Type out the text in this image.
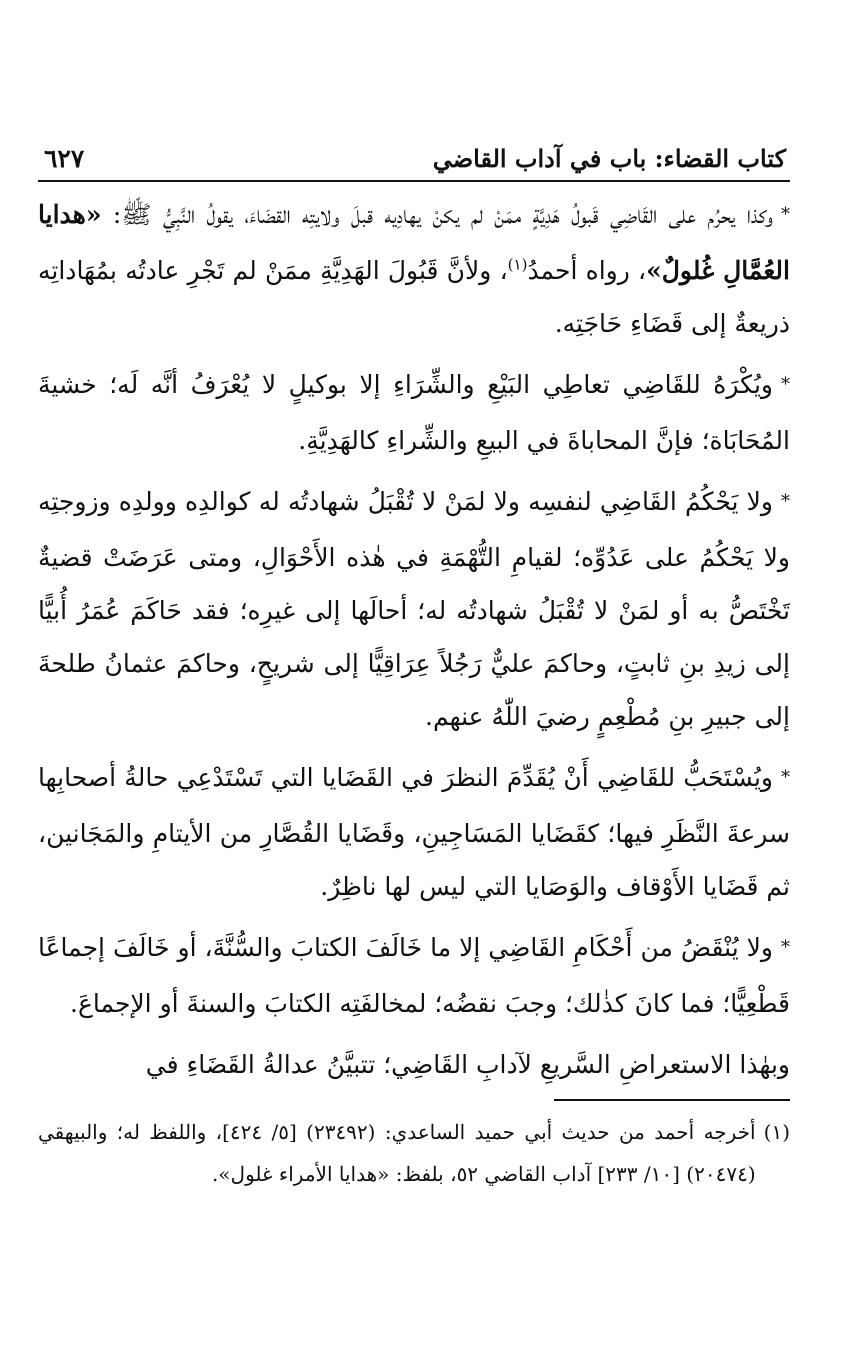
كتاب القضاء: باب في آداب القاضي
٦٢٧

*وكذا يحرُم على القَاضِي قَبولُ هَدِيَّةٍ ممَنْ لم يكنْ يهادِيه قبلَ ولايتِه القضَاءَ، يقولُ النَّبِيُّ ﷺ: «هدايا العُمَّالِ غُلولٌ»، رواه أحمدُ$^{(١)}$، ولأنَّ قَبُولَ الهَدِيَّةِ ممَنْ لم تَجْرِ عادتُه بمُهَاداتِه ذريعةٌ إلى قَضَاءِ حَاجَتِه.

*ويُكْرَهُ للقَاضِي تعاطِي البَيْعِ والشِّرَاءِ إلا بوكيلٍ لا يُعْرَفُ أنَّه لَه؛ خشيةَ المُحَابَاة؛ فإنَّ المحاباةَ في البيعِ والشِّراءِ كالهَدِيَّةِ.

*ولا يَحْكُمُ القَاضِي لنفسِه ولا لمَنْ لا تُقْبَلُ شهادتُه له كوالدِه وولدِه وزوجتِه ولا يَحْكُمُ على عَدُوِّه؛ لقيامِ التُّهْمَةِ في هٰذه الأَحْوَالِ، ومتى عَرَضَتْ قضيةٌ تَخْتَصُّ به أو لمَنْ لا تُقْبَلُ شهادتُه له؛ أحالَها إلى غيرِه؛ فقد حَاكَمَ عُمَرُ أُبيًّا إلى زيدِ بنِ ثابتٍ، وحاكمَ عليٌّ رَجُلاً عِرَاقِيًّا إلى شريحٍ، وحاكمَ عثمانُ طلحةَ إلى جبيرِ بنِ مُطْعِمٍ رضيَ اللّٰهُ عنهم.

*ويُسْتَحَبُّ للقَاضِي أَنْ يُقَدِّمَ النظرَ في القَضَايا التي تَسْتَدْعِي حالةُ أصحابِها سرعةَ النَّظَرِ فيها؛ كقَضَايا المَسَاجِينِ، وقَضَايا القُصَّارِ من الأيتامِ والمَجَانين، ثم قَضَايا الأَوْقاف والوَصَايا التي ليس لها ناظِرٌ.

*ولا يُنْقَضُ من أَحْكَامِ القَاضِي إلا ما خَالَفَ الكتابَ والسُّنَّةَ، أو خَالَفَ إجماعًا قَطْعِيًّا؛ فما كانَ كذٰلك؛ وجبَ نقضُه؛ لمخالفَتِه الكتابَ والسنةَ أو الإجماعَ.

وبهٰذا الاستعراضِ السَّريعِ لآدابِ القَاضِي؛ تتبيَّنُ عدالةُ القَضَاءِ في

(١)
أخرجه أحمد من حديث أبي حميد الساعدي: (٢٣٤٩٢) [٥/ ٤٢٤]، واللفظ له؛ والبيهقي (٢٠٤٧٤) [١٠/ ٢٣٣] آداب القاضي ٥٢، بلفظ: «هدايا الأمراء غلول».
